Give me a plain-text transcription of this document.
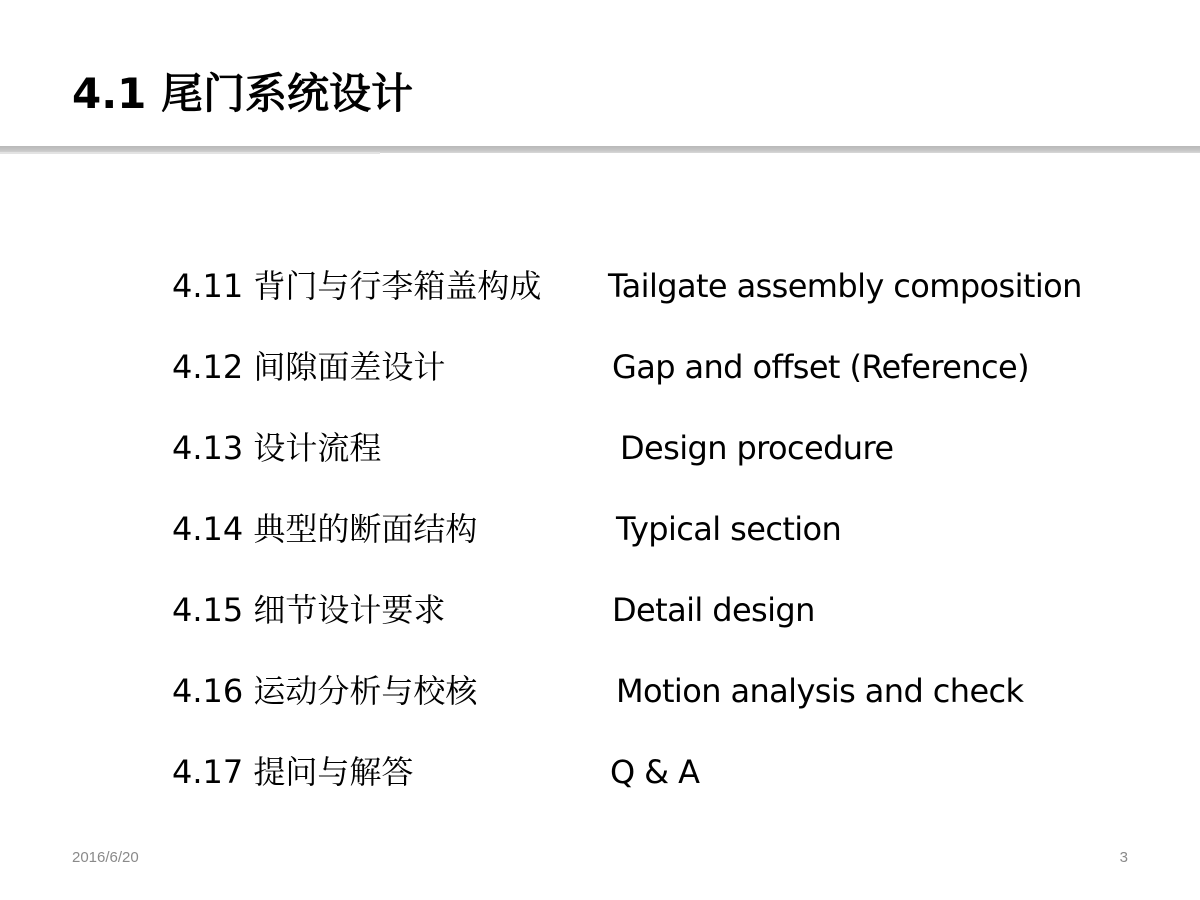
4.1 尾门系统设计
4.11 背门与行李箱盖构成 Tailgate assembly composition
4.12 间隙面差设计	Gap and offset (Reference)
4.13 设计流程	Design procedure
4.14 典型的断面结构	Typical section
4.15 细节设计要求	Detail design
4.16 运动分析与校核	Motion analysis and check
4.17 提问与解答	Q & A
2016/6/20	3
